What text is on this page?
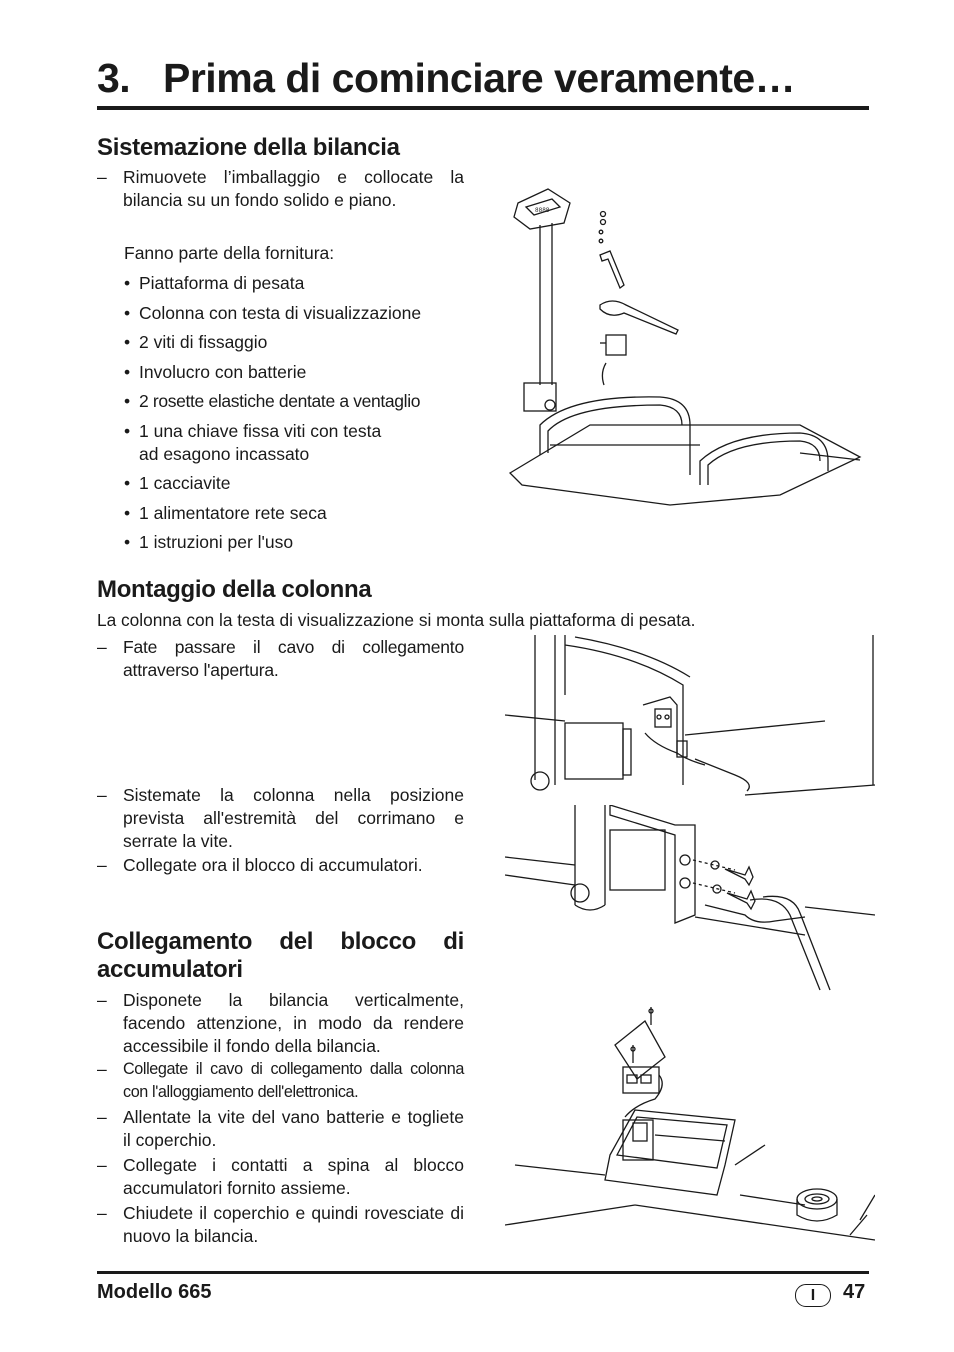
3. Prima di cominciare veramente…
Sistemazione della bilancia
– Rimuovete l’imballaggio e collocate la bilancia su un fondo solido e piano.
Fanno parte della fornitura:
• Piattaforma di pesata
• Colonna con testa di visualizzazione
• 2 viti di fissaggio
• Involucro con batterie
• 2 rosette elastiche dentate a ventaglio
• 1 una chiave fissa viti con testa
ad esagono incassato
• 1 cacciavite
• 1 alimentatore rete seca
• 1 istruzioni per l'uso
8888
Montaggio della colonna
La colonna con la testa di visualizzazione si monta sulla piattaforma di pesata.
– Fate passare il cavo di collegamento attraverso l'apertura.
– Sistemate la colonna nella posizione prevista all'estremità del corrimano e serrate la vite.
– Collegate ora il blocco di accumulatori.
Collegamento del blocco di accumulatori
– Disponete la bilancia verticalmente, facendo attenzione, in modo da rendere accessibile il fondo della bilancia.
– Collegate il cavo di collegamento dalla colonna con l'alloggiamento dell'elettronica.
– Allentate la vite del vano batterie e togliete il coperchio.
– Collegate i contatti a spina al blocco accumulatori fornito assieme.
– Chiudete il coperchio e quindi rovesciate di nuovo la bilancia.
Modello 665	I	47
